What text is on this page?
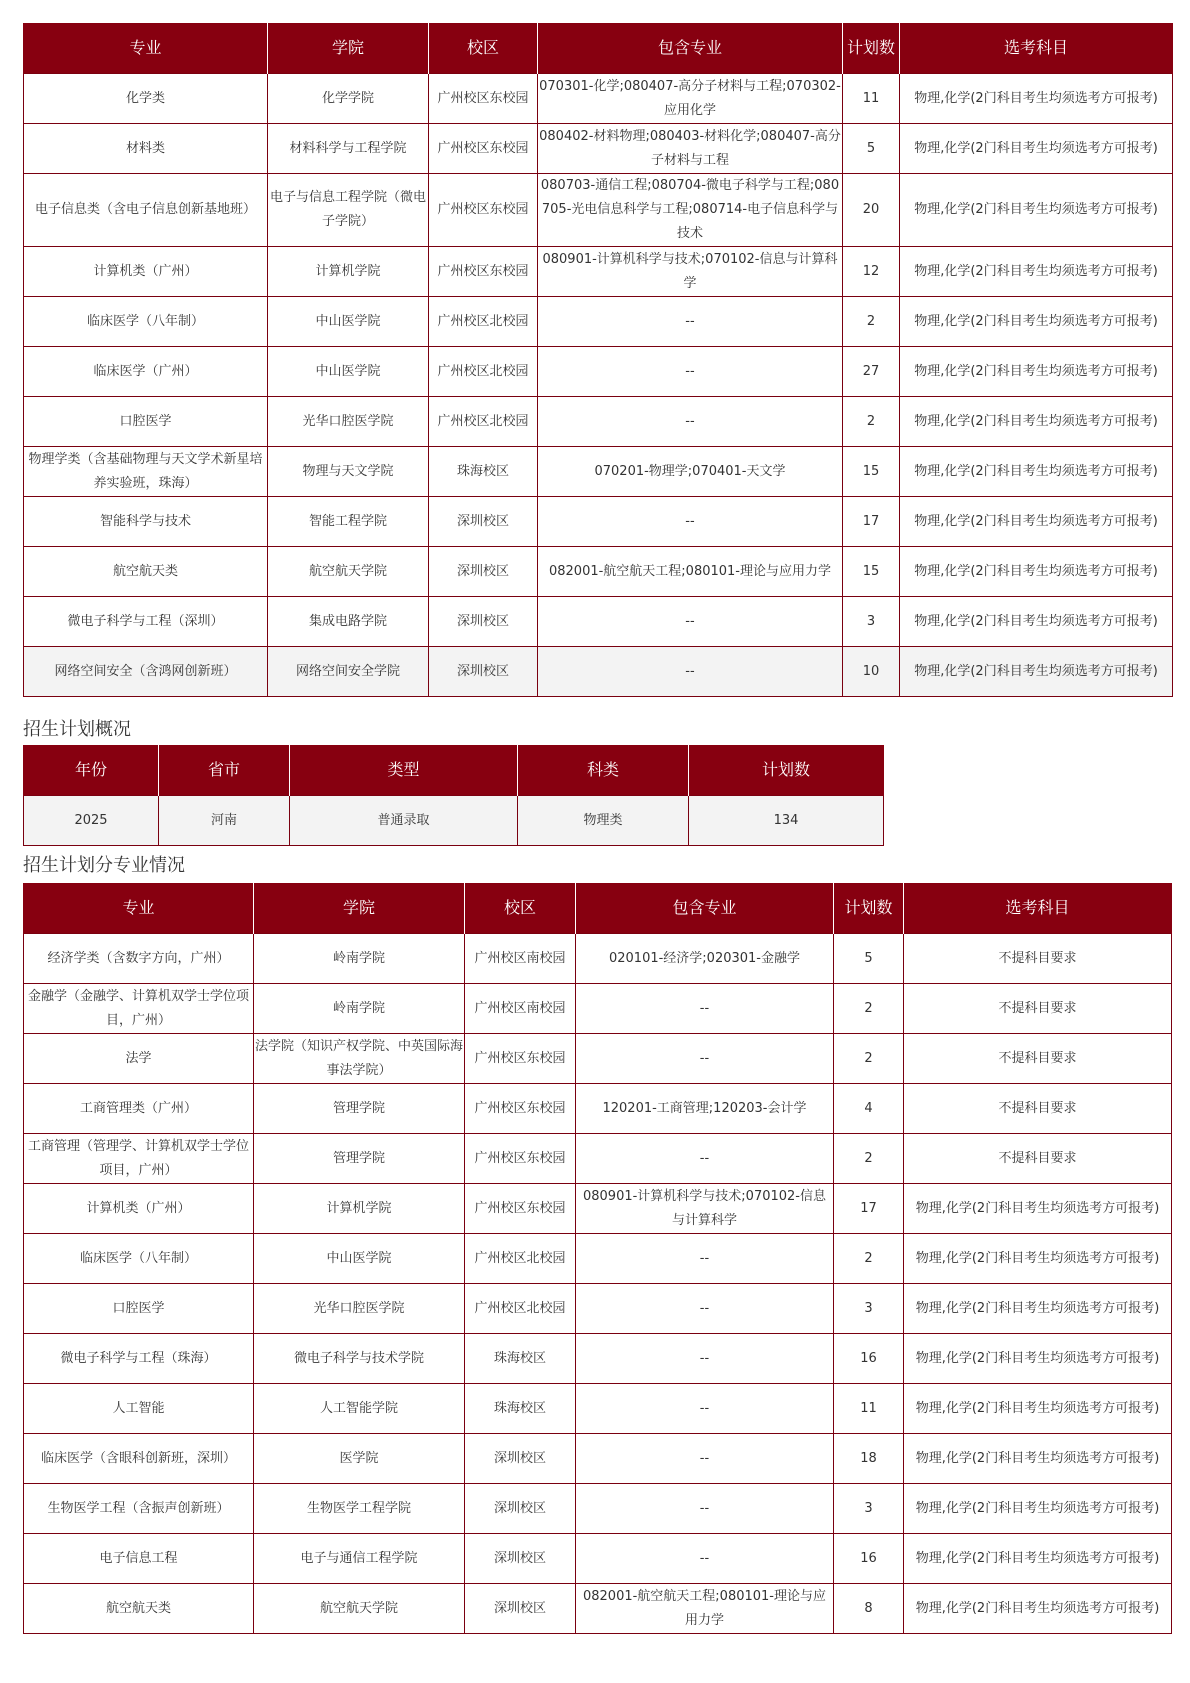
专业	学院	校区	包含专业	计划数	选考科目
化学类	化学学院	广州校区东校园	070301-化学;080407-高分子材料与工程;070302-应用化学	11	物理,化学(2门科目考生均须选考方可报考)
材料类	材料科学与工程学院	广州校区东校园	080402-材料物理;080403-材料化学;080407-高分子材料与工程	5	物理,化学(2门科目考生均须选考方可报考)
电子信息类（含电子信息创新基地班）	电子与信息工程学院（微电子学院）	广州校区东校园	080703-通信工程;080704-微电子科学与工程;080705-光电信息科学与工程;080714-电子信息科学与技术	20	物理,化学(2门科目考生均须选考方可报考)
计算机类（广州）	计算机学院	广州校区东校园	080901-计算机科学与技术;070102-信息与计算科学	12	物理,化学(2门科目考生均须选考方可报考)
临床医学（八年制）	中山医学院	广州校区北校园	--	2	物理,化学(2门科目考生均须选考方可报考)
临床医学（广州）	中山医学院	广州校区北校园	--	27	物理,化学(2门科目考生均须选考方可报考)
口腔医学	光华口腔医学院	广州校区北校园	--	2	物理,化学(2门科目考生均须选考方可报考)
物理学类（含基础物理与天文学术新星培养实验班，珠海）	物理与天文学院	珠海校区	070201-物理学;070401-天文学	15	物理,化学(2门科目考生均须选考方可报考)
智能科学与技术	智能工程学院	深圳校区	--	17	物理,化学(2门科目考生均须选考方可报考)
航空航天类	航空航天学院	深圳校区	082001-航空航天工程;080101-理论与应用力学	15	物理,化学(2门科目考生均须选考方可报考)
微电子科学与工程（深圳）	集成电路学院	深圳校区	--	3	物理,化学(2门科目考生均须选考方可报考)
网络空间安全（含鸿网创新班）	网络空间安全学院	深圳校区	--	10	物理,化学(2门科目考生均须选考方可报考)
招生计划概况
年份	省市	类型	科类	计划数
2025	河南	普通录取	物理类	134
招生计划分专业情况
专业	学院	校区	包含专业	计划数	选考科目
经济学类（含数字方向，广州）	岭南学院	广州校区南校园	020101-经济学;020301-金融学	5	不提科目要求
金融学（金融学、计算机双学士学位项目，广州）	岭南学院	广州校区南校园	--	2	不提科目要求
法学	法学院（知识产权学院、中英国际海事法学院）	广州校区东校园	--	2	不提科目要求
工商管理类（广州）	管理学院	广州校区东校园	120201-工商管理;120203-会计学	4	不提科目要求
工商管理（管理学、计算机双学士学位项目，广州）	管理学院	广州校区东校园	--	2	不提科目要求
计算机类（广州）	计算机学院	广州校区东校园	080901-计算机科学与技术;070102-信息与计算科学	17	物理,化学(2门科目考生均须选考方可报考)
临床医学（八年制）	中山医学院	广州校区北校园	--	2	物理,化学(2门科目考生均须选考方可报考)
口腔医学	光华口腔医学院	广州校区北校园	--	3	物理,化学(2门科目考生均须选考方可报考)
微电子科学与工程（珠海）	微电子科学与技术学院	珠海校区	--	16	物理,化学(2门科目考生均须选考方可报考)
人工智能	人工智能学院	珠海校区	--	11	物理,化学(2门科目考生均须选考方可报考)
临床医学（含眼科创新班，深圳）	医学院	深圳校区	--	18	物理,化学(2门科目考生均须选考方可报考)
生物医学工程（含振声创新班）	生物医学工程学院	深圳校区	--	3	物理,化学(2门科目考生均须选考方可报考)
电子信息工程	电子与通信工程学院	深圳校区	--	16	物理,化学(2门科目考生均须选考方可报考)
航空航天类	航空航天学院	深圳校区	082001-航空航天工程;080101-理论与应用力学	8	物理,化学(2门科目考生均须选考方可报考)
